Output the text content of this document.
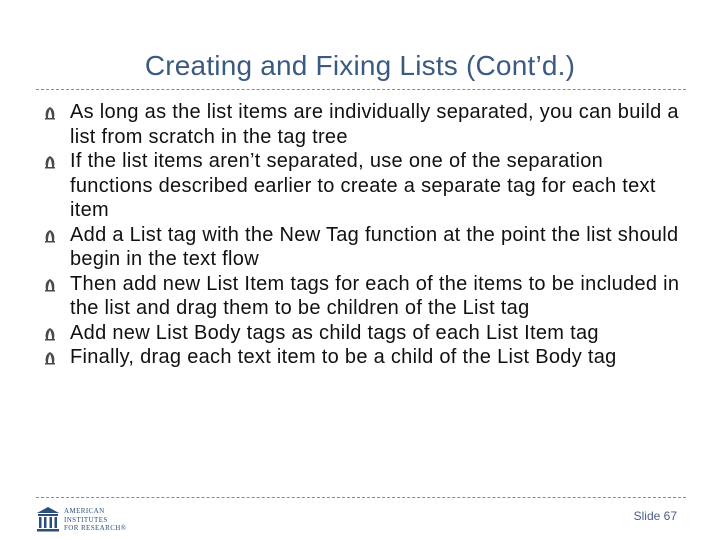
Creating and Fixing Lists (Cont’d.)
As long as the list items are individually separated, you can build a list from scratch in the tag tree
If the list items aren’t separated, use one of the separation functions described earlier to create a separate tag for each text item
Add a List tag with the New Tag function at the point the list should begin in the text flow
Then add new List Item tags for each of the items to be included in the list and drag them to be children of the List tag
Add new List Body tags as child tags of each List Item tag
Finally, drag each text item to be a child of the List Body tag
AMERICAN
INSTITUTES
FOR RESEARCH®
Slide 67
